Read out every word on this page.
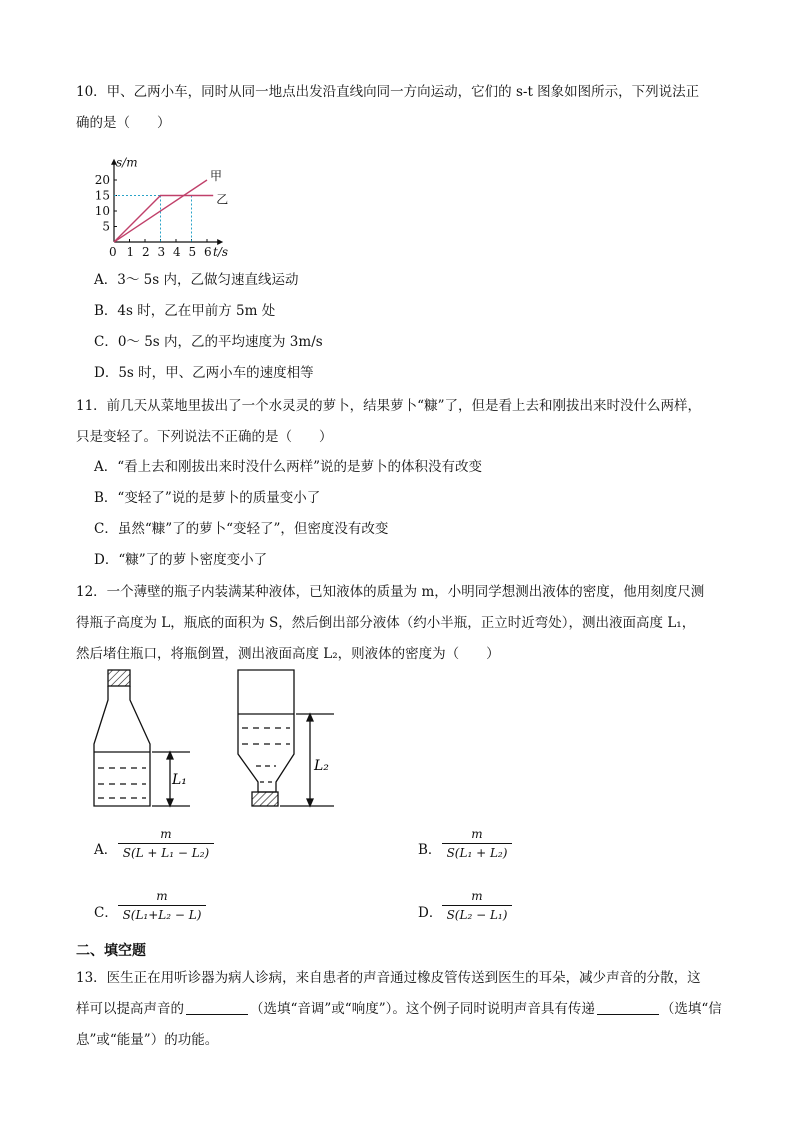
10．甲、乙两小车，同时从同一地点出发沿直线向同一方向运动，它们的 s-t 图象如图所示，下列说法正
确的是（　　）
s/m
0 1 2 3 4 5 6 t/s
5
10
15
20	甲
乙
A．3～ 5s 内，乙做匀速直线运动
B．4s 时，乙在甲前方 5m 处
C．0～ 5s 内，乙的平均速度为 3m/s
D．5s 时，甲、乙两小车的速度相等
11．前几天从菜地里拔出了一个水灵灵的萝卜，结果萝卜“糠”了，但是看上去和刚拔出来时没什么两样，
只是变轻了。下列说法不正确的是（　　）
A．“看上去和刚拔出来时没什么两样”说的是萝卜的体积没有改变
B．“变轻了”说的是萝卜的质量变小了
C．虽然“糠”了的萝卜“变轻了”，但密度没有改变
D．“糠”了的萝卜密度变小了
12．一个薄壁的瓶子内装满某种液体，已知液体的质量为 m，小明同学想测出液体的密度，他用刻度尺测
得瓶子高度为 L，瓶底的面积为 S，然后倒出部分液体（约小半瓶，正立时近弯处），测出液面高度 L₁，
然后堵住瓶口，将瓶倒置，测出液面高度 L₂，则液体的密度为（　　）
L₁
L₂
A．
m
S(L + L₁ − L₂)	B．
m
S(L₁ + L₂)
C．
m
S(L₁+L₂ − L)	D．
m
S(L₂ − L₁)
二、填空题
13．医生正在用听诊器为病人诊病，来自患者的声音通过橡皮管传送到医生的耳朵，减少声音的分散，这
样可以提高声音的	（选填“音调”或“响度”）。这个例子同时说明声音具有传递	（选填“信
息”或“能量”）的功能。
